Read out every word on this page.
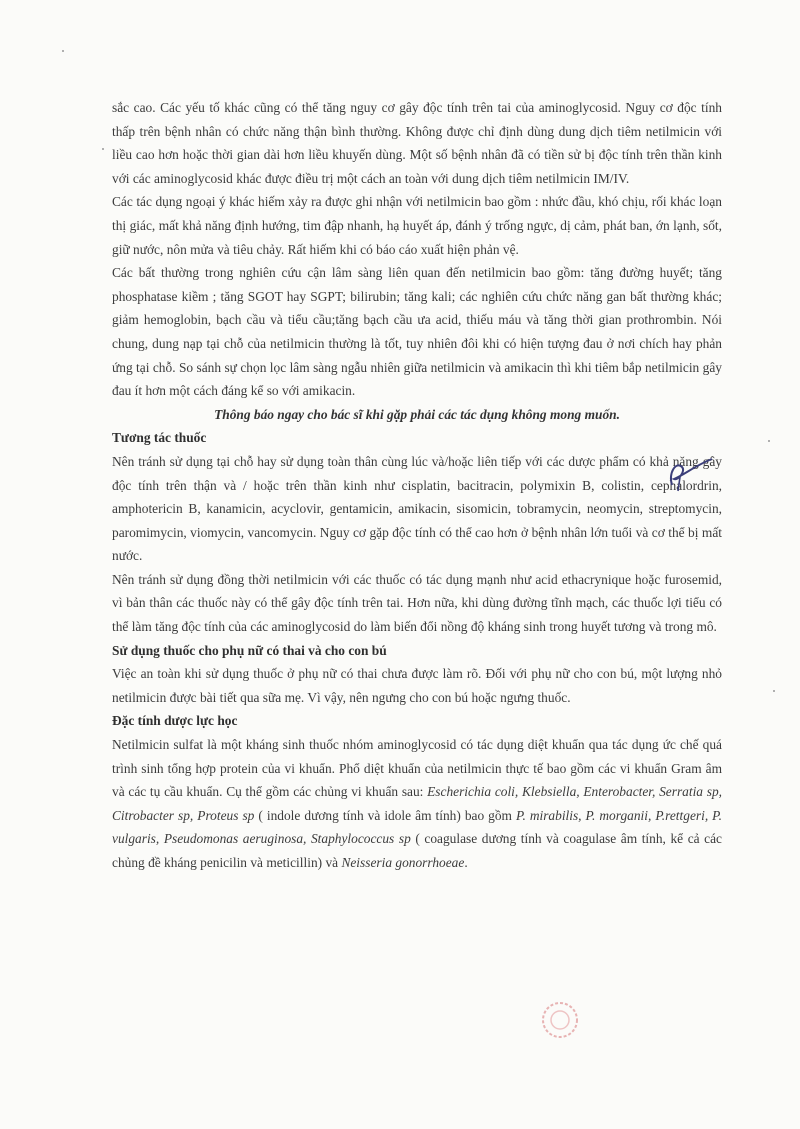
sắc cao. Các yếu tố khác cũng có thể tăng nguy cơ gây độc tính trên tai của aminoglycosid. Nguy cơ độc tính thấp trên bệnh nhân có chức năng thận bình thường. Không được chỉ định dùng dung dịch tiêm netilmicin với liều cao hơn hoặc thời gian dài hơn liều khuyến dùng. Một số bệnh nhân đã có tiền sử bị độc tính trên thần kinh với các aminoglycosid khác được điều trị một cách an toàn với dung dịch tiêm netilmicin IM/IV.

Các tác dụng ngoại ý khác hiếm xảy ra được ghi nhận với netilmicin bao gồm : nhức đầu, khó chịu, rối khác loạn thị giác, mất khả năng định hướng, tim đập nhanh, hạ huyết áp, đánh ý trống ngực, dị cảm, phát ban, ớn lạnh, sốt, giữ nước, nôn mửa và tiêu chảy. Rất hiếm khi có báo cáo xuất hiện phản vệ.

Các bất thường trong nghiên cứu cận lâm sàng liên quan đến netilmicin bao gồm: tăng đường huyết; tăng phosphatase kiềm ; tăng SGOT hay SGPT; bilirubin; tăng kali; các nghiên cứu chức năng gan bất thường khác; giảm hemoglobin, bạch cầu và tiểu cầu;tăng bạch cầu ưa acid, thiếu máu và tăng thời gian prothrombin. Nói chung, dung nạp tại chỗ của netilmicin thường là tốt, tuy nhiên đôi khi có hiện tượng đau ở nơi chích hay phản ứng tại chỗ. So sánh sự chọn lọc lâm sàng ngẫu nhiên giữa netilmicin và amikacin thì khi tiêm bắp netilmicin gây đau ít hơn một cách đáng kể so với amikacin.

Thông báo ngay cho bác sĩ khi gặp phải các tác dụng không mong muốn.

Tương tác thuốc

Nên tránh sử dụng tại chỗ hay sử dụng toàn thân cùng lúc và/hoặc liên tiếp với các dược phẩm có khả năng gây độc tính trên thận và / hoặc trên thần kinh như cisplatin, bacitracin, polymixin B, colistin, cephalordrin, amphotericin B, kanamicin, acyclovir, gentamicin, amikacin, sisomicin, tobramycin, neomycin, streptomycin, paromimycin, viomycin, vancomycin. Nguy cơ gặp độc tính có thể cao hơn ở bệnh nhân lớn tuổi và cơ thể bị mất nước.

Nên tránh sử dụng đồng thời netilmicin với các thuốc có tác dụng mạnh như acid ethacrynique hoặc furosemid, vì bản thân các thuốc này có thể gây độc tính trên tai. Hơn nữa, khi dùng đường tĩnh mạch, các thuốc lợi tiểu có thể làm tăng độc tính của các aminoglycosid do làm biến đổi nồng độ kháng sinh trong huyết tương và trong mô.

Sử dụng thuốc cho phụ nữ có thai và cho con bú

Việc an toàn khi sử dụng thuốc ở phụ nữ có thai chưa được làm rõ. Đối với phụ nữ cho con bú, một lượng nhỏ netilmicin được bài tiết qua sữa mẹ. Vì vậy, nên ngưng cho con bú hoặc ngưng thuốc.

Đặc tính dược lực học

Netilmicin sulfat là một kháng sinh thuốc nhóm aminoglycosid có tác dụng diệt khuẩn qua tác dụng ức chế quá trình sinh tổng hợp protein của vi khuẩn. Phổ diệt khuẩn của netilmicin thực tế bao gồm các vi khuẩn Gram âm và các tụ cầu khuẩn. Cụ thể gồm các chủng vi khuẩn sau: Escherichia coli, Klebsiella, Enterobacter, Serratia sp, Citrobacter sp, Proteus sp ( indole dương tính và idole âm tính) bao gồm P. mirabilis, P. morganii, P.rettgeri, P. vulgaris, Pseudomonas aeruginosa, Staphylococcus sp ( coagulase dương tính và coagulase âm tính, kể cả các chủng đề kháng penicilin và meticillin) và Neisseria gonorrhoeae.
